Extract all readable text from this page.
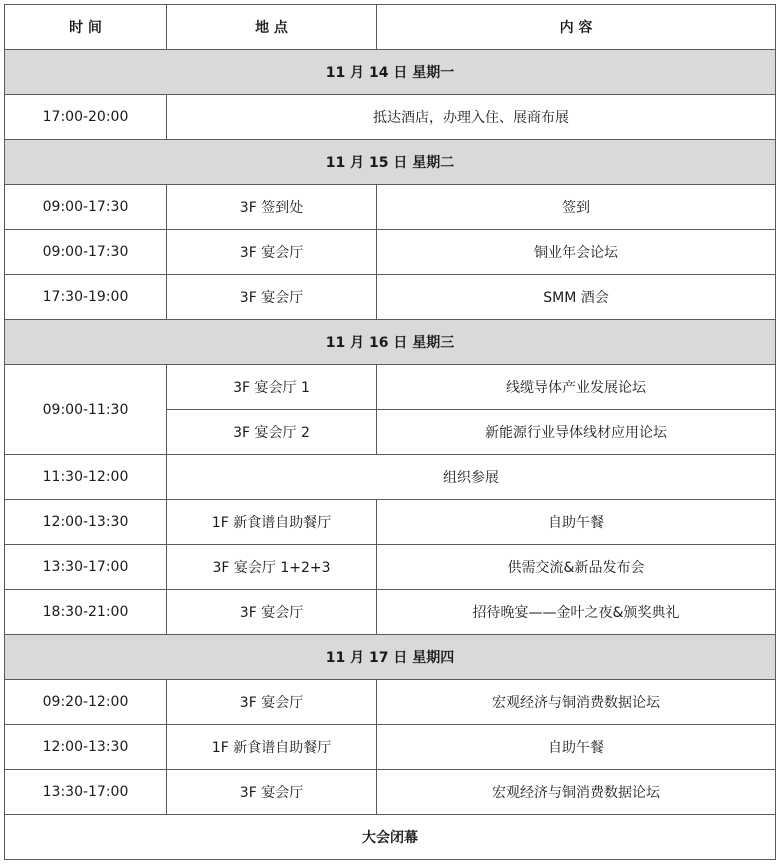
时 间	地 点	内 容
11 月 14 日 星期一		
17:00-20:00	抵达酒店，办理入住、展商布展	
11 月 15 日 星期二		
09:00-17:30	3F 签到处	签到
09:00-17:30	3F 宴会厅	铜业年会论坛
17:30-19:00	3F 宴会厅	SMM 酒会
11 月 16 日 星期三		
09:00-11:30	3F 宴会厅 1	线缆导体产业发展论坛
	3F 宴会厅 2	新能源行业导体线材应用论坛
11:30-12:00	组织参展	
12:00-13:30	1F 新食谱自助餐厅	自助午餐
13:30-17:00	3F 宴会厅 1+2+3	供需交流&新品发布会
18:30-21:00	3F 宴会厅	招待晚宴——金叶之夜&颁奖典礼
11 月 17 日 星期四		
09:20-12:00	3F 宴会厅	宏观经济与铜消费数据论坛
12:00-13:30	1F 新食谱自助餐厅	自助午餐
13:30-17:00	3F 宴会厅	宏观经济与铜消费数据论坛
大会闭幕		
